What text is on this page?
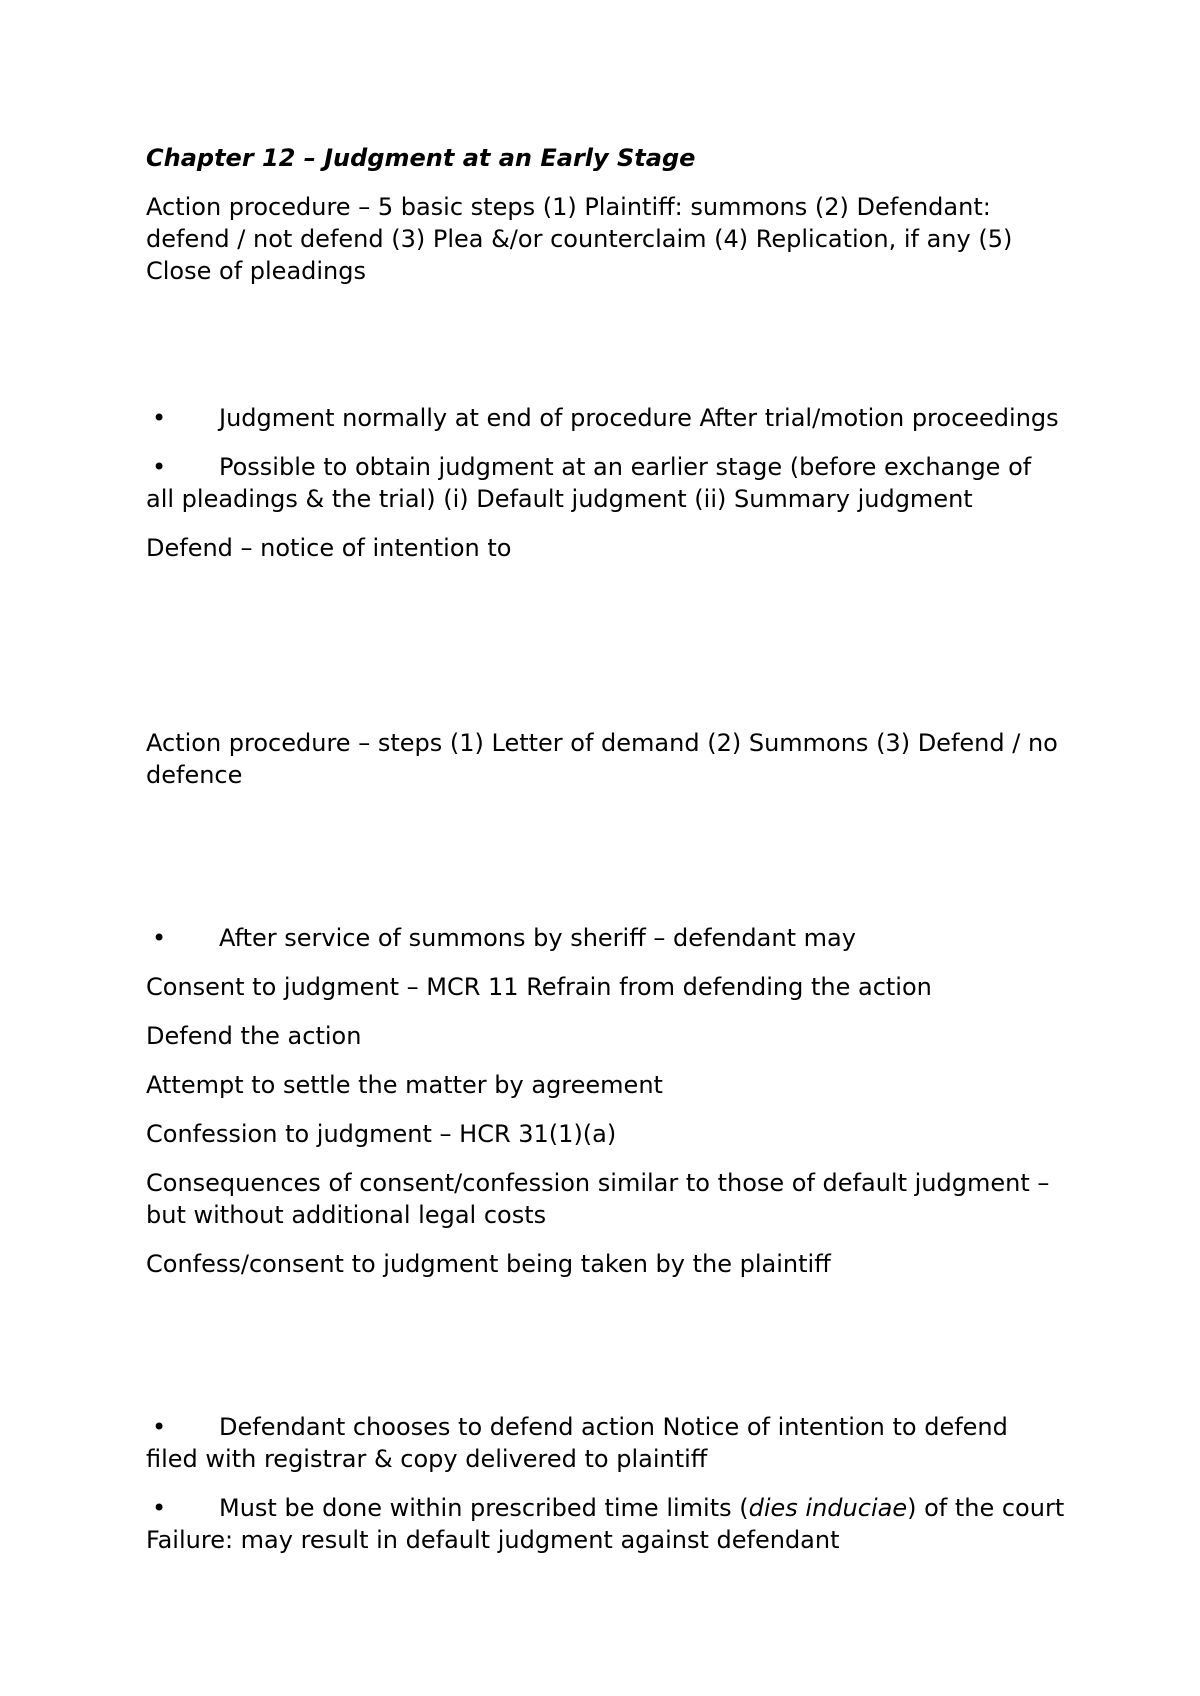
Chapter 12 – Judgment at an Early Stage

Action procedure – 5 basic steps (1) Plaintiff: summons (2) Defendant: defend / not defend (3) Plea &/or counterclaim (4) Replication, if any (5) Close of pleadings

• Judgment normally at end of procedure After trial/motion proceedings
• Possible to obtain judgment at an earlier stage (before exchange of all pleadings & the trial) (i) Default judgment (ii) Summary judgment

Defend – notice of intention to

Action procedure – steps (1) Letter of demand (2) Summons (3) Defend / no defence

• After service of summons by sheriff – defendant may

Consent to judgment – MCR 11 Refrain from defending the action

Defend the action

Attempt to settle the matter by agreement

Confession to judgment – HCR 31(1)(a)

Consequences of consent/confession similar to those of default judgment – but without additional legal costs

Confess/consent to judgment being taken by the plaintiff

• Defendant chooses to defend action Notice of intention to defend filed with registrar & copy delivered to plaintiff
• Must be done within prescribed time limits (dies induciae) of the court Failure: may result in default judgment against defendant
